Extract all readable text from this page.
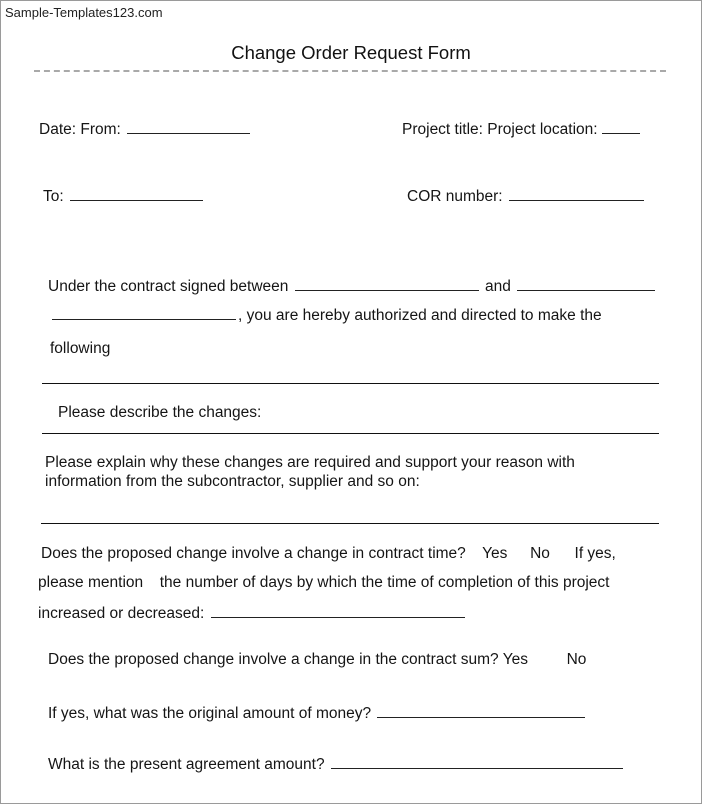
Sample-Templates123.com
Change Order Request Form
Date: From:	Project title: Project location:
To:	COR number:
Under the contract signed between	and
, you are hereby authorized and directed to make the
following
Please describe the changes:
Please explain why these changes are required and support your reason with
information from the subcontractor, supplier and so on:
Does the proposed change involve a change in contract time? Yes No If yes,
please mention the number of days by which the time of completion of this project
increased or decreased:
Does the proposed change involve a change in the contract sum? Yes No
If yes, what was the original amount of money?
What is the present agreement amount?
